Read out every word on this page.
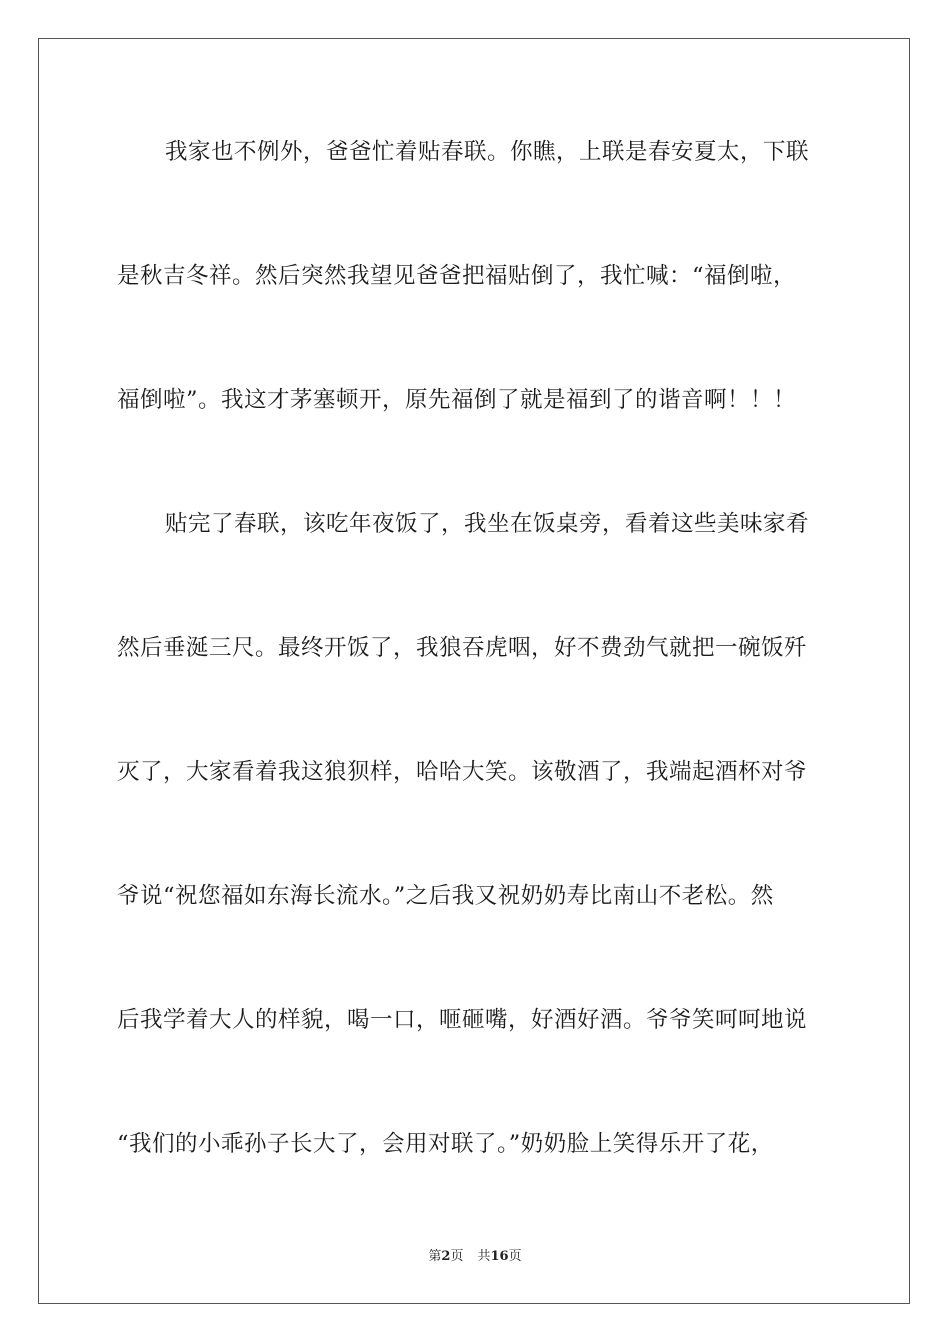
我家也不例外，爸爸忙着贴春联。你瞧，上联是春安夏太，下联
是秋吉冬祥。然后突然我望见爸爸把福贴倒了，我忙喊：“福倒啦，
福倒啦”。我这才茅塞顿开，原先福倒了就是福到了的谐音啊！！！
贴完了春联，该吃年夜饭了，我坐在饭桌旁，看着这些美味家肴
然后垂涎三尺。最终开饭了，我狼吞虎咽，好不费劲气就把一碗饭歼
灭了，大家看着我这狼狈样，哈哈大笑。该敬酒了，我端起酒杯对爷
爷说“祝您福如东海长流水。”之后我又祝奶奶寿比南山不老松。然
后我学着大人的样貌，喝一口，咂砸嘴，好酒好酒。爷爷笑呵呵地说
“我们的小乖孙子长大了，会用对联了。”奶奶脸上笑得乐开了花，
第2页 共16页
